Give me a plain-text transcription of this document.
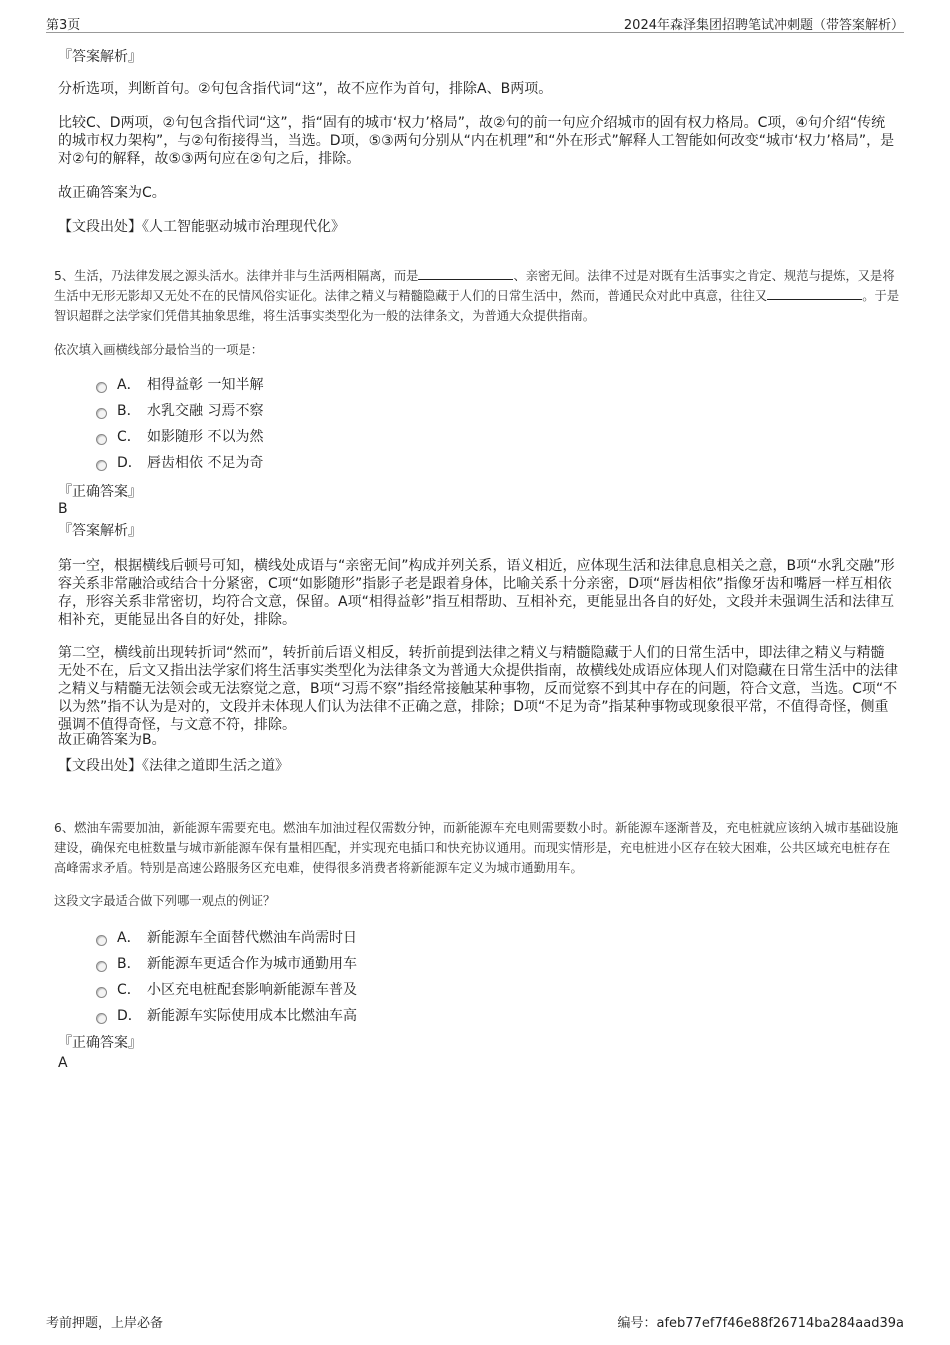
第3页	2024年森泽集团招聘笔试冲刺题（带答案解析）
『答案解析』
分析选项，判断首句。②句包含指代词“这”，故不应作为首句，排除A、B两项。
比较C、D两项，②句包含指代词“这”，指“固有的城市‘权力’格局”，故②句的前一句应介绍城市的固有权力格局。C项，④句介绍“传统的城市权力架构”，与②句衔接得当，当选。D项，⑤③两句分别从“内在机理”和“外在形式”解释人工智能如何改变“城市‘权力’格局”，是对②句的解释，故⑤③两句应在②句之后，排除。
故正确答案为C。
【文段出处】《人工智能驱动城市治理现代化》
5、生活，乃法律发展之源头活水。法律并非与生活两相隔离，而是	、亲密无间。法律不过是对既有生活事实之肯定、规范与提炼，又是将生活中无形无影却又无处不在的民情风俗实证化。法律之精义与精髓隐藏于人们的日常生活中，然而，普通民众对此中真意，往往又	。于是智识超群之法学家们凭借其抽象思维，将生活事实类型化为一般的法律条文，为普通大众提供指南。
依次填入画横线部分最恰当的一项是：
A． 相得益彰 一知半解
B． 水乳交融 习焉不察
C． 如影随形 不以为然
D． 唇齿相依 不足为奇
『正确答案』
B
『答案解析』
第一空，根据横线后顿号可知，横线处成语与“亲密无间”构成并列关系，语义相近，应体现生活和法律息息相关之意，B项“水乳交融”形容关系非常融洽或结合十分紧密，C项“如影随形”指影子老是跟着身体，比喻关系十分亲密，D项“唇齿相依”指像牙齿和嘴唇一样互相依存，形容关系非常密切，均符合文意，保留。A项“相得益彰”指互相帮助、互相补充，更能显出各自的好处，文段并未强调生活和法律互相补充，更能显出各自的好处，排除。
第二空，横线前出现转折词“然而”，转折前后语义相反，转折前提到法律之精义与精髓隐藏于人们的日常生活中，即法律之精义与精髓无处不在，后文又指出法学家们将生活事实类型化为法律条文为普通大众提供指南，故横线处成语应体现人们对隐藏在日常生活中的法律之精义与精髓无法领会或无法察觉之意，B项“习焉不察”指经常接触某种事物，反而觉察不到其中存在的问题，符合文意，当选。C项“不以为然”指不认为是对的，文段并未体现人们认为法律不正确之意，排除；D项“不足为奇”指某种事物或现象很平常，不值得奇怪，侧重强调不值得奇怪，与文意不符，排除。
故正确答案为B。
【文段出处】《法律之道即生活之道》
6、燃油车需要加油，新能源车需要充电。燃油车加油过程仅需数分钟，而新能源车充电则需要数小时。新能源车逐渐普及，充电桩就应该纳入城市基础设施建设，确保充电桩数量与城市新能源车保有量相匹配，并实现充电插口和快充协议通用。而现实情形是，充电桩进小区存在较大困难，公共区域充电桩存在高峰需求矛盾。特别是高速公路服务区充电难，使得很多消费者将新能源车定义为城市通勤用车。
这段文字最适合做下列哪一观点的例证？
A． 新能源车全面替代燃油车尚需时日
B． 新能源车更适合作为城市通勤用车
C． 小区充电桩配套影响新能源车普及
D． 新能源车实际使用成本比燃油车高
『正确答案』
A
考前押题，上岸必备	编号：afeb77ef7f46e88f26714ba284aad39a
